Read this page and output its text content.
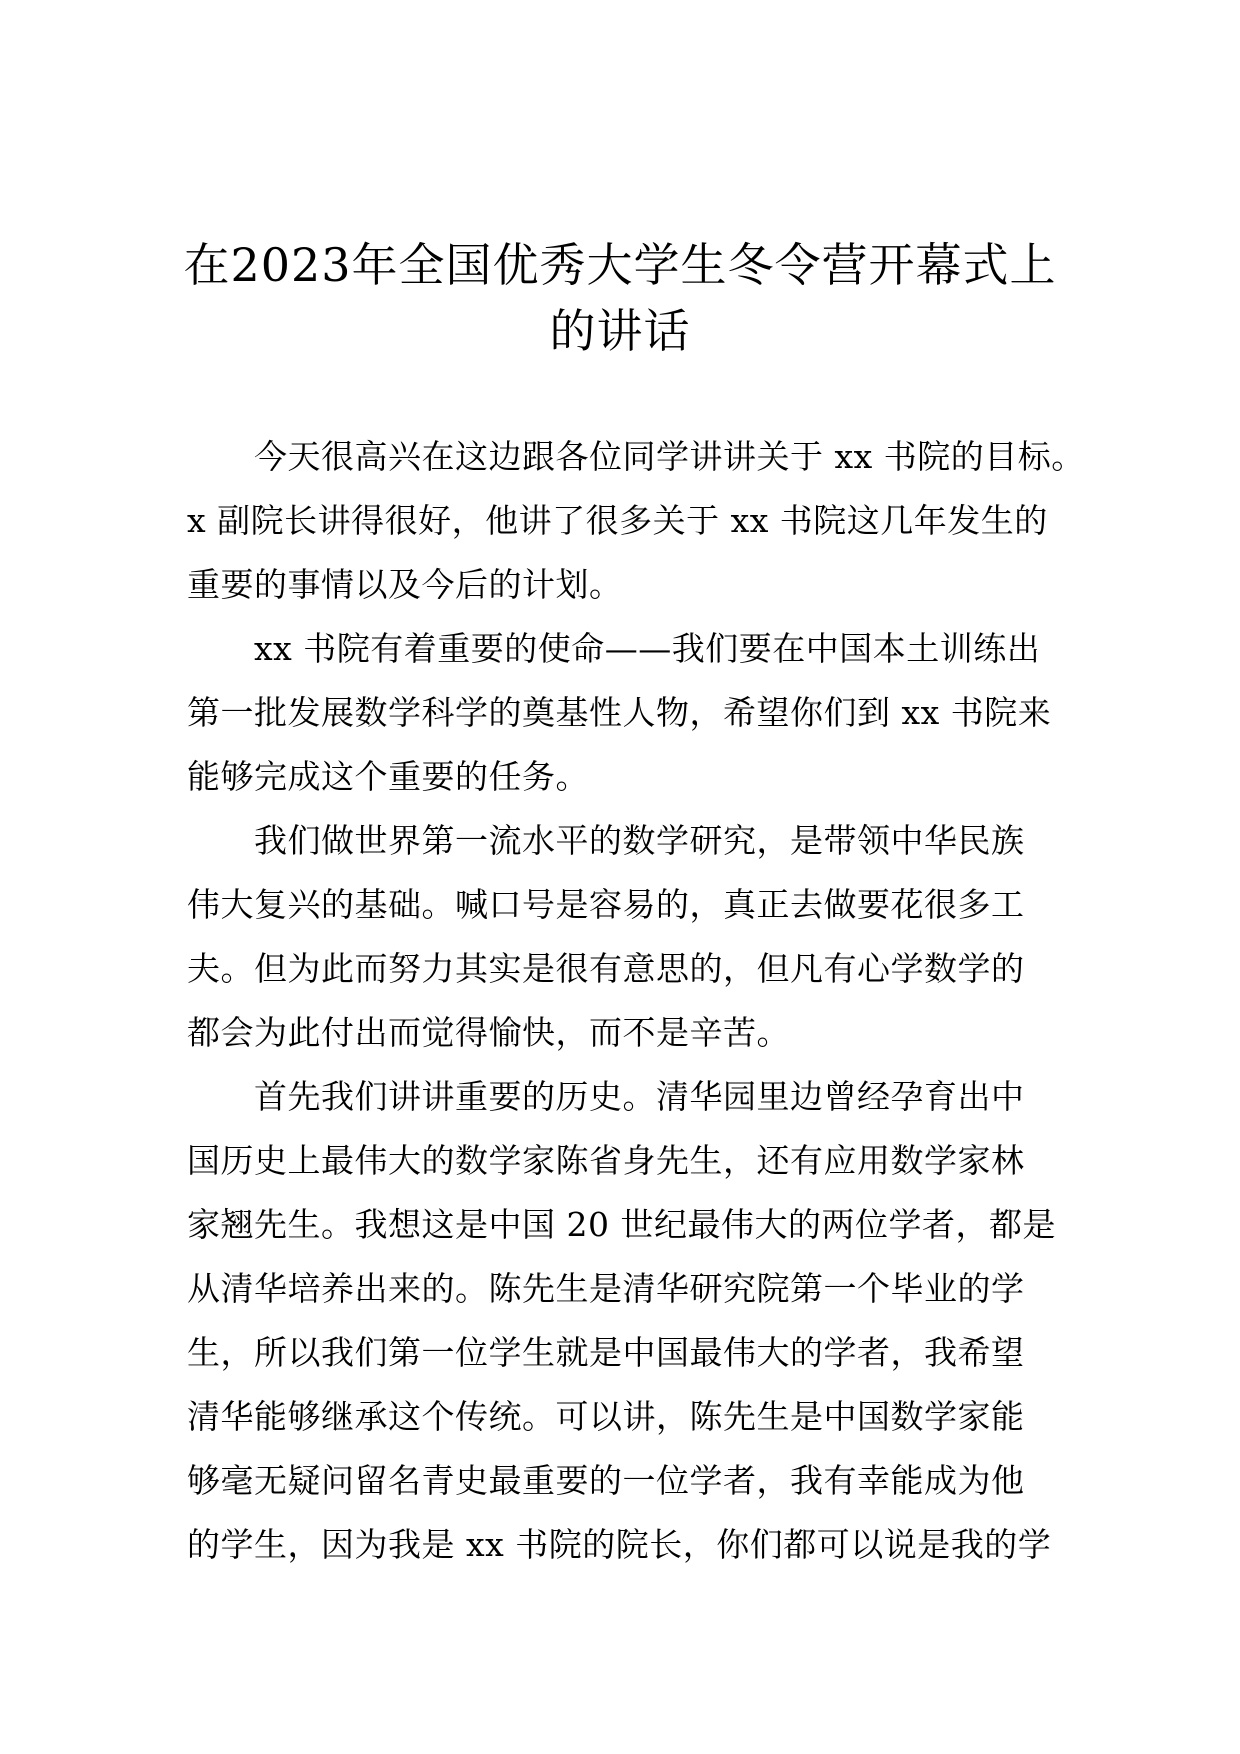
在2023年全国优秀大学生冬令营开幕式上
的讲话
今天很高兴在这边跟各位同学讲讲关于 xx 书院的目标。
x 副院长讲得很好，他讲了很多关于 xx 书院这几年发生的
重要的事情以及今后的计划。
xx 书院有着重要的使命——我们要在中国本土训练出
第一批发展数学科学的奠基性人物，希望你们到 xx 书院来
能够完成这个重要的任务。
我们做世界第一流水平的数学研究，是带领中华民族
伟大复兴的基础。喊口号是容易的，真正去做要花很多工
夫。但为此而努力其实是很有意思的，但凡有心学数学的
都会为此付出而觉得愉快，而不是辛苦。
首先我们讲讲重要的历史。清华园里边曾经孕育出中
国历史上最伟大的数学家陈省身先生，还有应用数学家林
家翘先生。我想这是中国 20 世纪最伟大的两位学者，都是
从清华培养出来的。陈先生是清华研究院第一个毕业的学
生，所以我们第一位学生就是中国最伟大的学者，我希望
清华能够继承这个传统。可以讲，陈先生是中国数学家能
够毫无疑问留名青史最重要的一位学者，我有幸能成为他
的学生，因为我是 xx 书院的院长，你们都可以说是我的学
